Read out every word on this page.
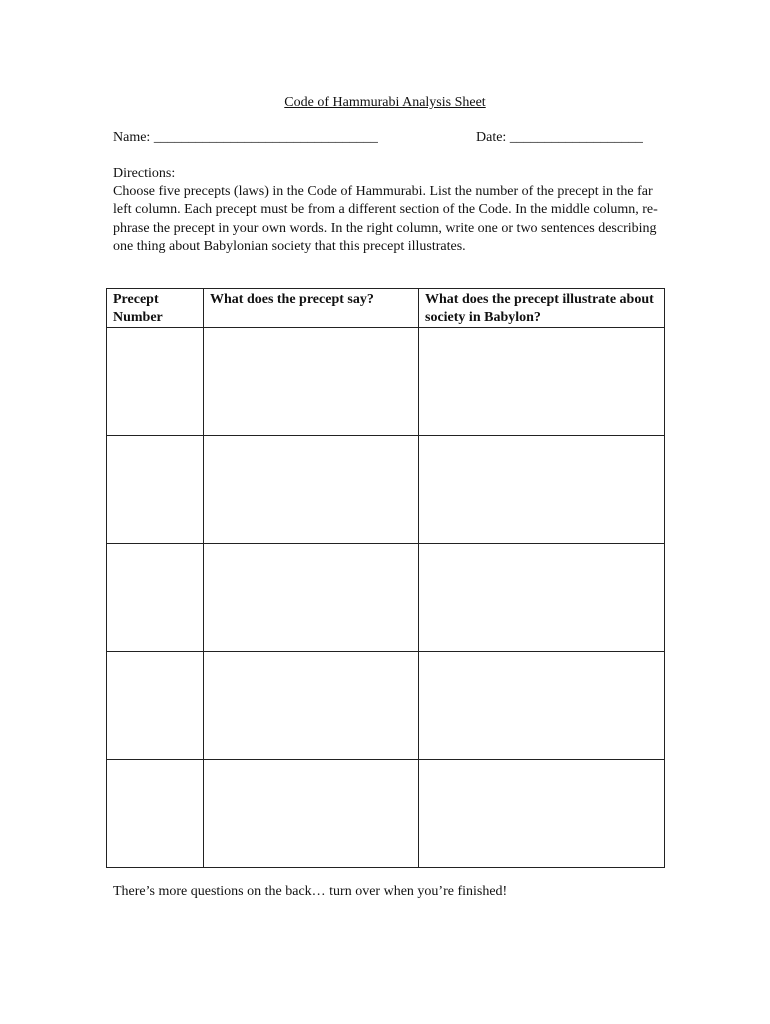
Code of Hammurabi Analysis Sheet
Name: ________________________________	Date: ___________________

Directions:

Choose five precepts (laws) in the Code of Hammurabi. List the number of the precept in the far left column. Each precept must be from a different section of the Code. In the middle column, re-phrase the precept in your own words. In the right column, write one or two sentences describing one thing about Babylonian society that this precept illustrates.

Precept Number	What does the precept say?	What does the precept illustrate about society in Babylon?

There’s more questions on the back… turn over when you’re finished!
